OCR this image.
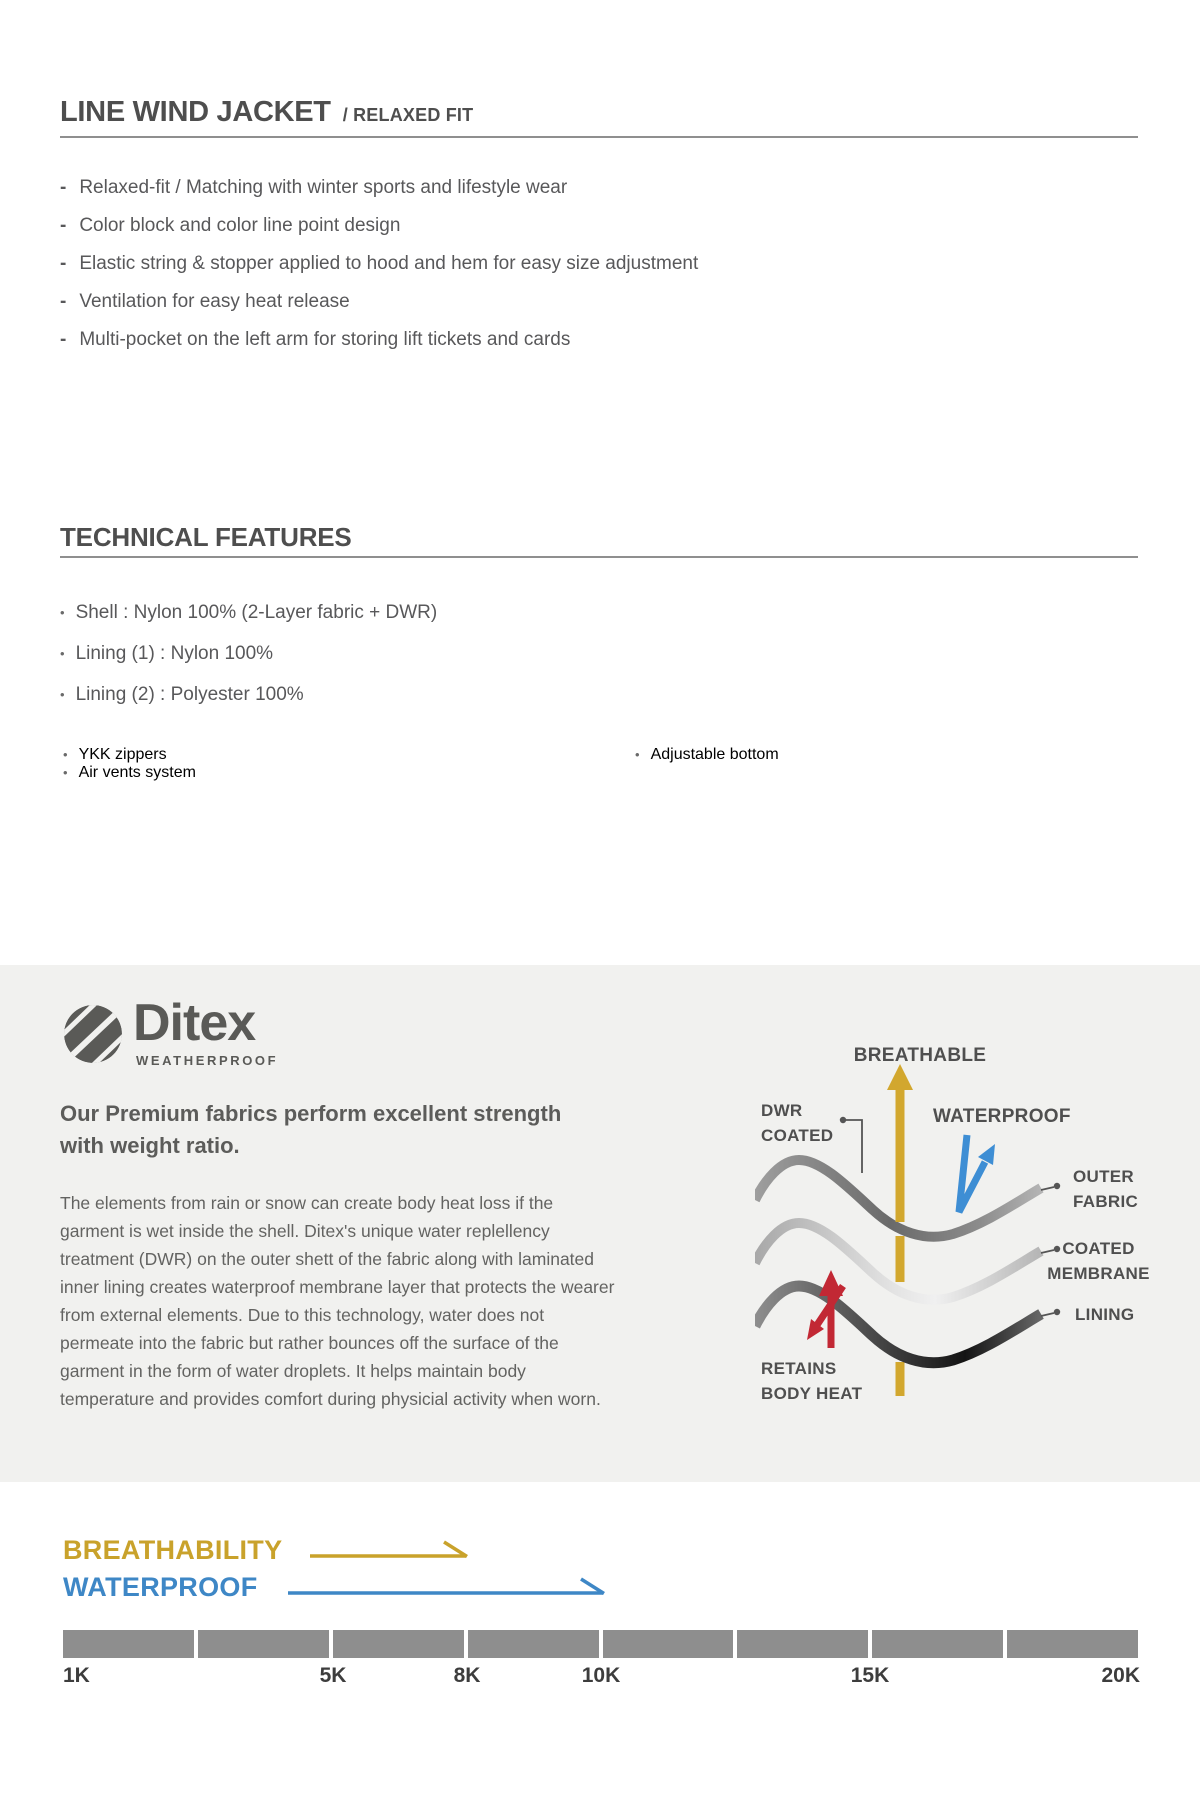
LINE WIND JACKET / RELAXED FIT
- Relaxed-fit / Matching with winter sports and lifestyle wear
- Color block and color line point design
- Elastic string & stopper applied to hood and hem for easy size adjustment
- Ventilation for easy heat release
- Multi-pocket on the left arm for storing lift tickets and cards
TECHNICAL FEATURES
• Shell : Nylon 100% (2-Layer fabric + DWR)
• Lining (1) : Nylon 100%
• Lining (2) : Polyester 100%
• YKK zippers
• Air vents system
• Adjustable bottom
Ditex
WEATHERPROOF

Our Premium fabrics perform excellent strength with weight ratio.

The elements from rain or snow can create body heat loss if the garment is wet inside the shell. Ditex's unique water replellency treatment (DWR) on the outer shett of the fabric along with laminated inner lining creates waterproof membrane layer that protects the wearer from external elements. Due to this technology, water does not permeate into the fabric but rather bounces off the surface of the garment in the form of water droplets. It helps maintain body temperature and provides comfort during physicial activity when worn.

BREATHABLE
DWR COATED
WATERPROOF
OUTER FABRIC
COATED MEMBRANE
LINING
RETAINS BODY HEAT
BREATHABILITY
WATERPROOF
1K	5K	8K	10K	15K	20K
